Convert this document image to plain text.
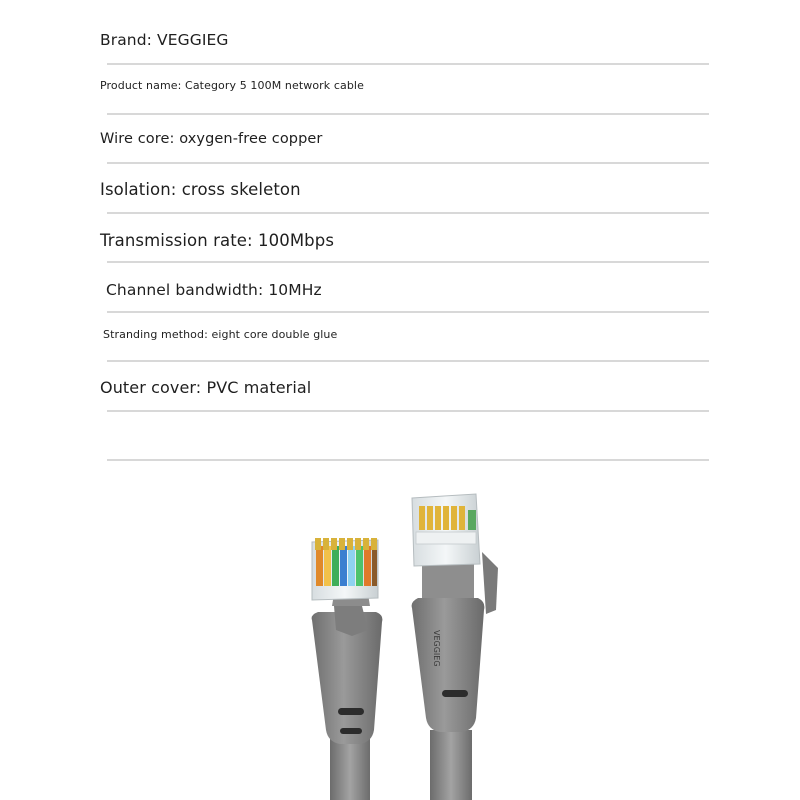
Brand: VEGGIEG
Product name: Category 5 100M network cable
Wire core: oxygen-free copper
Isolation: cross skeleton
Transmission rate: 100Mbps
Channel bandwidth: 10MHz
Stranding method: eight core double glue
Outer cover: PVC material
VEGGIEG
